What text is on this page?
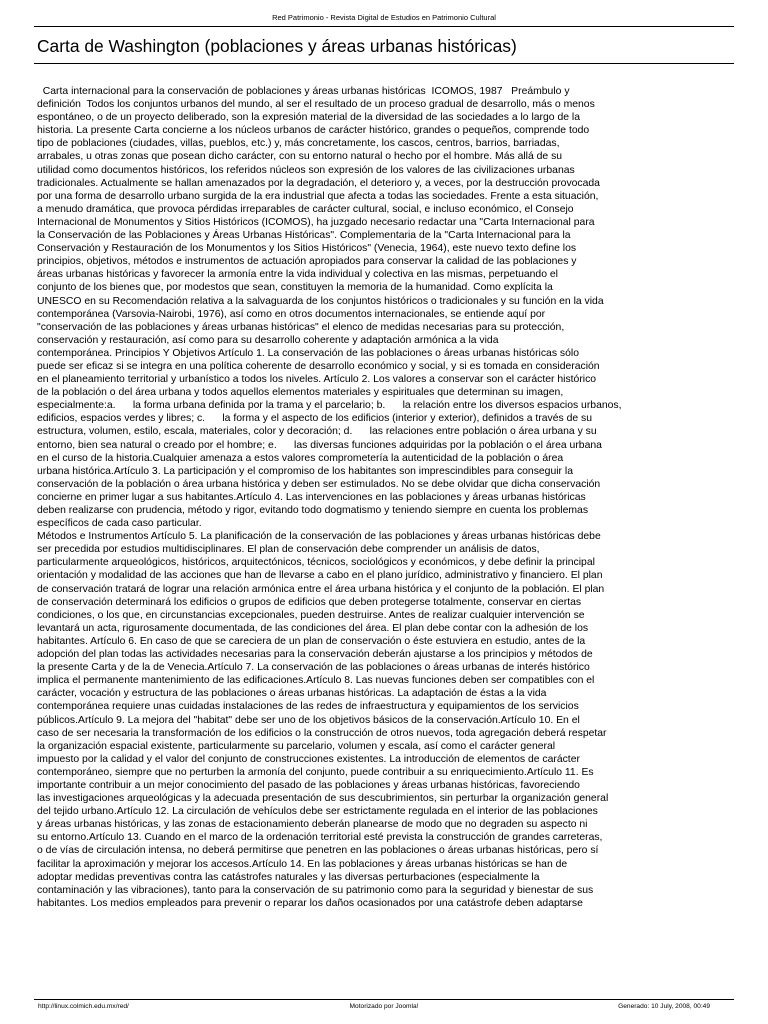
Red Patrimonio - Revista Digital de Estudios en Patrimonio Cultural
Carta de Washington (poblaciones y áreas urbanas históricas)
Carta internacional para la conservación de poblaciones y áreas urbanas históricas  ICOMOS, 1987   Preámbulo y
definición  Todos los conjuntos urbanos del mundo, al ser el resultado de un proceso gradual de desarrollo, más o menos
espontáneo, o de un proyecto deliberado, son la expresión material de la diversidad de las sociedades a lo largo de la
historia. La presente Carta concierne a los núcleos urbanos de carácter histórico, grandes o pequeños, comprende todo
tipo de poblaciones (ciudades, villas, pueblos, etc.) y, más concretamente, los cascos, centros, barrios, barriadas,
arrabales, u otras zonas que posean dicho carácter, con su entorno natural o hecho por el hombre. Más allá de su
utilidad como documentos históricos, los referidos núcleos son expresión de los valores de las civilizaciones urbanas
tradicionales. Actualmente se hallan amenazados por la degradación, el deterioro y, a veces, por la destrucción provocada
por una forma de desarrollo urbano surgida de la era industrial que afecta a todas las sociedades. Frente a esta situación,
a menudo dramática, que provoca pérdidas irreparables de carácter cultural, social, e incluso económico, el Consejo
Internacional de Monumentos y Sitios Históricos (ICOMOS), ha juzgado necesario redactar una "Carta Internacional para
la Conservación de las Poblaciones y Áreas Urbanas Históricas". Complementaria de la "Carta Internacional para la
Conservación y Restauración de los Monumentos y los Sitios Históricos" (Venecia, 1964), este nuevo texto define los
principios, objetivos, métodos e instrumentos de actuación apropiados para conservar la calidad de las poblaciones y
áreas urbanas históricas y favorecer la armonía entre la vida individual y colectiva en las mismas, perpetuando el
conjunto de los bienes que, por modestos que sean, constituyen la memoria de la humanidad. Como explícita la
UNESCO en su Recomendación relativa a la salvaguarda de los conjuntos históricos o tradicionales y su función en la vida
contemporánea (Varsovia-Nairobi, 1976), así como en otros documentos internacionales, se entiende aquí por
"conservación de las poblaciones y áreas urbanas históricas" el elenco de medidas necesarias para su protección,
conservación y restauración, así como para su desarrollo coherente y adaptación armónica a la vida
contemporánea. Principios Y Objetivos Artículo 1. La conservación de las poblaciones o áreas urbanas históricas sólo
puede ser eficaz si se integra en una política coherente de desarrollo económico y social, y si es tomada en consideración
en el planeamiento territorial y urbanístico a todos los niveles. Artículo 2. Los valores a conservar son el carácter histórico
de la población o del área urbana y todos aquellos elementos materiales y espirituales que determinan su imagen,
especialmente:a.      la forma urbana definida por la trama y el parcelario; b.      la relación entre los diversos espacios urbanos,
edificios, espacios verdes y libres; c.      la forma y el aspecto de los edificios (interior y exterior), definidos a través de su
estructura, volumen, estilo, escala, materiales, color y decoración; d.      las relaciones entre población o área urbana y su
entorno, bien sea natural o creado por el hombre; e.      las diversas funciones adquiridas por la población o el área urbana
en el curso de la historia.Cualquier amenaza a estos valores comprometería la autenticidad de la población o área
urbana histórica.Artículo 3. La participación y el compromiso de los habitantes son imprescindibles para conseguir la
conservación de la población o área urbana histórica y deben ser estimulados. No se debe olvidar que dicha conservación
concierne en primer lugar a sus habitantes.Artículo 4. Las intervenciones en las poblaciones y áreas urbanas históricas
deben realizarse con prudencia, método y rigor, evitando todo dogmatismo y teniendo siempre en cuenta los problemas
específicos de cada caso particular.
Métodos e Instrumentos Artículo 5. La planificación de la conservación de las poblaciones y áreas urbanas históricas debe
ser precedida por estudios multidisciplinares. El plan de conservación debe comprender un análisis de datos,
particularmente arqueológicos, históricos, arquitectónicos, técnicos, sociológicos y económicos, y debe definir la principal
orientación y modalidad de las acciones que han de llevarse a cabo en el plano jurídico, administrativo y financiero. El plan
de conservación tratará de lograr una relación armónica entre el área urbana histórica y el conjunto de la población. El plan
de conservación determinará los edificios o grupos de edificios que deben protegerse totalmente, conservar en ciertas
condiciones, o los que, en circunstancias excepcionales, pueden destruirse. Antes de realizar cualquier intervención se
levantará un acta, rigurosamente documentada, de las condiciones del área. El plan debe contar con la adhesión de los
habitantes. Artículo 6. En caso de que se careciera de un plan de conservación o éste estuviera en estudio, antes de la
adopción del plan todas las actividades necesarias para la conservación deberán ajustarse a los principios y métodos de
la presente Carta y de la de Venecia.Artículo 7. La conservación de las poblaciones o áreas urbanas de interés histórico
implica el permanente mantenimiento de las edificaciones.Artículo 8. Las nuevas funciones deben ser compatibles con el
carácter, vocación y estructura de las poblaciones o áreas urbanas históricas. La adaptación de éstas a la vida
contemporánea requiere unas cuidadas instalaciones de las redes de infraestructura y equipamientos de los servicios
públicos.Artículo 9. La mejora del "habitat" debe ser uno de los objetivos básicos de la conservación.Artículo 10. En el
caso de ser necesaria la transformación de los edificios o la construcción de otros nuevos, toda agregación deberá respetar
la organización espacial existente, particularmente su parcelario, volumen y escala, así como el carácter general
impuesto por la calidad y el valor del conjunto de construcciones existentes. La introducción de elementos de carácter
contemporáneo, siempre que no perturben la armonía del conjunto, puede contribuir a su enriquecimiento.Artículo 11. Es
importante contribuir a un mejor conocimiento del pasado de las poblaciones y áreas urbanas históricas, favoreciendo
las investigaciones arqueológicas y la adecuada presentación de sus descubrimientos, sin perturbar la organización general
del tejido urbano.Artículo 12. La circulación de vehículos debe ser estrictamente regulada en el interior de las poblaciones
y áreas urbanas históricas, y las zonas de estacionamiento deberán planearse de modo que no degraden su aspecto ni
su entorno.Artículo 13. Cuando en el marco de la ordenación territorial esté prevista la construcción de grandes carreteras,
o de vías de circulación intensa, no deberá permitirse que penetren en las poblaciones o áreas urbanas históricas, pero sí
facilitar la aproximación y mejorar los accesos.Artículo 14. En las poblaciones y áreas urbanas históricas se han de
adoptar medidas preventivas contra las catástrofes naturales y las diversas perturbaciones (especialmente la
contaminación y las vibraciones), tanto para la conservación de su patrimonio como para la seguridad y bienestar de sus
habitantes. Los medios empleados para prevenir o reparar los daños ocasionados por una catástrofe deben adaptarse
http://linux.colmich.edu.mx/red/	Motorizado por Joomla!	Generado: 10 July, 2008, 00:49
